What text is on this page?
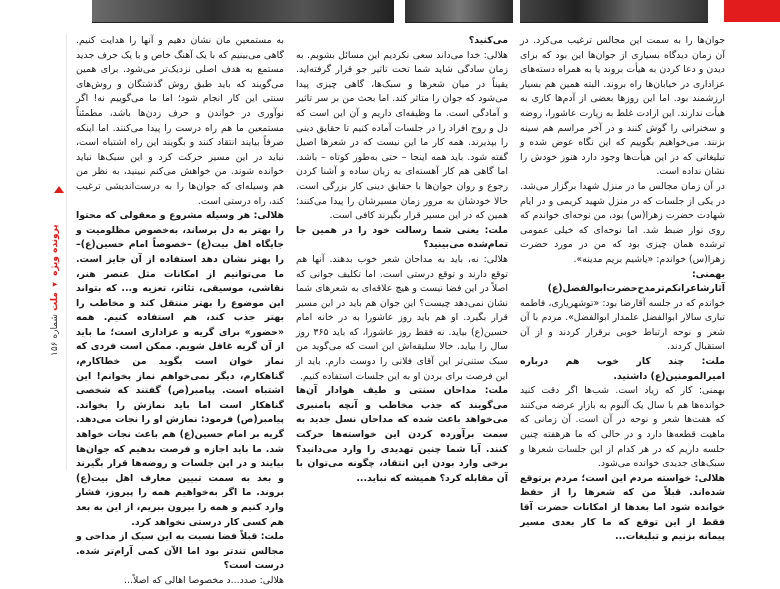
پرونده ویژه ◂ ملت شماره ۱۵۶

جوان‌ها را به سمت این مجالس ترغیب می‌کرد. در آن زمان دیدگاه بسیاری از جوان‌ها این بود که برای دیدن و دعا کردن به هیأت بروند یا به همراه دسته‌های عزاداری در خیابان‌ها راه بروند. البته همین هم بسیار ارزشمند بود. اما این روزها بعضی از آدم‌ها کاری به هیأت ندارند. این ارادت غلط به زیارت عاشورا، روضه و سخنرانی را گوش کنند و در آخر مراسم هم سینه بزنند. می‌خواهیم بگوییم که این نگاه عوض شده و تبلیغاتی که در این هیأت‌ها وجود دارد هنوز خودش را نشان نداده است.

در آن زمان مجالس ما در منزل شهدا برگزار می‌شد. در یکی از جلسات که در منزل شهید کریمی و در ایام شهادت حضرت زهرا(س) بود، من نوحه‌ای خواندم که روی نوار ضبط شد. اما نوحه‌ای که خیلی عمومی ترشده همان چیزی بود که من در مورد حضرت زهرا(س) خواندم: «یاشیم بریم مدینه».

بهمنی: آثارشاعرانکم‌ترمدح‌حضرت‌ابوالفضل(ع)

خواندم که در جلسه آقارضا بود: «توشهریاری، فاطمه تباری سالار ابوالفضل علمدار ابوالفضل». مردم با آن شعر و نوحه ارتباط خوبی برقرار کردند و از آن استقبال کردند.

ملت: چند کار خوب هم درباره امیرالمومنین(ع) داشتید.

بهمنی: کار که زیاد است. شب‌ها اگر دقت کنید خوانده‌ها هم با سال یک آلبوم به بازار عرضه می‌کنند که هفت‌ها شعر و نوحه در آن است. آن زمانی که ماهیت قطعه‌ها دارد و در حالی که ما هرهفته چنین جلسه داریم که در هر کدام از این جلسات شعرها و سبک‌های جدیدی خوانده می‌شود.

هلالی: خواسته مردم این است؛ مردم برتوقع شده‌اند. قبلاً من که شعرها را از حفظ خوانده شود اما بعدها از امکانات حضرت آقا فقط از این توقع که ما کار بعدی مسیر پیمانه بزنیم و تبلیغات...

می‌کنید؟

هلالی: خدا می‌داند سعی نکردیم این مسائل بشویم. به زمان سادگی شاید شما تحت تاثیر جو قرار گرفته‌اید. یقیناً در میان شعرها و سبک‌ها، گاهی چیزی پیدا می‌شود که جوان را متاثر کند. اما بحث من بر سر تاثیر و آمادگی است. ما وظیفه‌ای داریم و آن این است که دل و روح افراد را در جلسات آماده کنیم تا حقایق دینی را بپذیرند. همه کار ما این نیست که در شعرها اصیل گفته شود. باید همه اینجا – حتی به‌طور کوتاه – باشد. اما گاهی هم کار آهسته‌ای به زبان ساده و آشنا کردن رجوع و روان جوان‌ها با حقایق دینی کار بزرگی است. حالا خودشان به مرور زمان مسیرشان را پیدا می‌کنند؛ همین که در این مسیر قرار بگیرند کافی است.

ملت: یعنی شما رسالت خود را در همین جا تمام‌شده می‌بینید؟

هلالی: نه، باید به مداحان شعر خوب بدهند. آنها هم توقع دارند و توقع درستی است. اما تکلیف جوانی که اصلاً در این فضا نیست و هیچ علاقه‌ای به شعرهای شما نشان نمی‌دهد چیست؟ این جوان هم باید در این مسیر قرار بگیرد. او هم باید روز عاشورا به در خانه امام حسین(ع) بیاید. نه فقط روز عاشورا، که باید ۳۶۵ روز سال را بیاید. حالا سلیقه‌اش این است که می‌گوید من سبک ستنی‌تر این آقای فلانی را دوست دارم. باید از این فرصت برای بردن او به این جلسات استفاده کنیم.

ملت: مداحان سنتی و طیف هوادار آن‌ها می‌گویند که جذب مخاطب و آنچه بامنبری می‌خواهد باعث شده که مداحان نسل جدید به سمت برآورده کردن این خواسته‌ها حرکت کنند. آیا شما چنین تهدیدی را وارد می‌دانید؟ برخی وارد بودن این انتقاد، چگونه می‌توان با آن مقابله کرد؟ همیشه که نباید...

به مستمعین مان نشان دهیم و آنها را هدایت کنیم. گاهی می‌بینیم که با یک آهنگ خاص و با یک حرف جدید مستمع به هدف اصلی نزدیک‌تر می‌شود. برای همین می‌گویند که باید طبق روش گذشتگان و روش‌های سنتی این کار انجام شود؛ اما ما می‌گوییم نه! اگر نوآوری در خواندن و حرف زدن‌ها باشد، مطمئناً مستمعین ما هم راه درست را پیدا می‌کنند. اما اینکه صرفاً بیایند انتقاد کنند و بگویند این راه اشتباه است، نباید در این مسیر حرکت کرد و این سبک‌ها نباید خوانده شوند. من خواهش می‌کنم نبینید، به نظر من هم وسیله‌ای که جوان‌ها را به درست‌اندیشی ترغیب کند، راه درستی است.

هلالی: هر وسیله مشروع و معقولی که محتوا را بهتر به دل برساند، به‌خصوص مظلومیت و جایگاه اهل بیت(ع) –خصوصاً امام حسین(ع)– را بهتر نشان دهد استفاده از آن جایز است. ما می‌توانیم از امکانات مثل عنصر هنر، نقاشی، موسیقی، تئاتر، تعزیه و... که بتواند این موضوع را بهتر منتقل کند و مخاطب را بهتر جذب کند، هم استفاده کنیم. همه «حضور» برای گریه و عزاداری است؛ ما باید از آن گریه غافل شویم. ممکن است فردی که نماز خوان است بگوید من خطاکارم، گناهکارم، دیگر نمی‌خواهم نماز بخوانم! این اشتباه است. پیامبر(ص) گفتند که شخصی گناهکار است اما باید نمازش را بخواند. پیامبر(ص) فرمود: نمازش او را نجات می‌دهد. گریه بر امام حسین(ع) هم باعث نجات خواهد شد. ما باید اجازه و فرصت بدهیم که جوان‌ها بیایند و در این جلسات و روضه‌ها قرار بگیرند و بعد به سمت تبیین معارف اهل بیت‌(ع) بروند. ما اگر به‌خواهیم همه را پیروز، فشار وارد کنیم و همه را بیرون ببریم، از این به بعد هم کسی کار درستی نخواهد کرد.

ملت: قبلاً فضا نسبت به این سبک از مداحی و مجالس تندتر بود اما الآن کمی آرام‌تر شده. درست است؟

هلالی: صدد...د مخصوصا اهالی که اصلاً...
